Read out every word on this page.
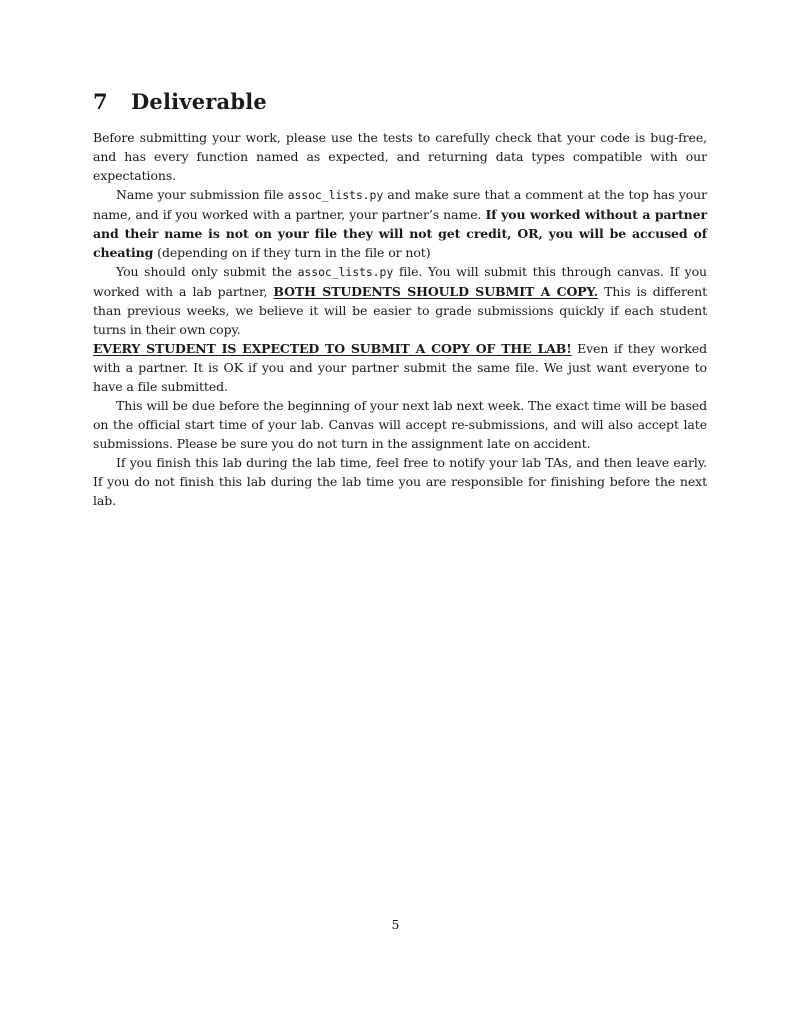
7 Deliverable

Before submitting your work, please use the tests to carefully check that your code is bug-free, and has every function named as expected, and returning data types compatible with our expectations.

Name your submission file assoc_lists.py and make sure that a comment at the top has your name, and if you worked with a partner, your partner’s name. If you worked without a partner and their name is not on your file they will not get credit, OR, you will be accused of cheating (depending on if they turn in the file or not)

You should only submit the assoc_lists.py file. You will submit this through canvas. If you worked with a lab partner, BOTH STUDENTS SHOULD SUBMIT A COPY. This is different than previous weeks, we believe it will be easier to grade submissions quickly if each student turns in their own copy.

EVERY STUDENT IS EXPECTED TO SUBMIT A COPY OF THE LAB! Even if they worked with a partner. It is OK if you and your partner submit the same file. We just want everyone to have a file submitted.

This will be due before the beginning of your next lab next week. The exact time will be based on the official start time of your lab. Canvas will accept re-submissions, and will also accept late submissions. Please be sure you do not turn in the assignment late on accident.

If you finish this lab during the lab time, feel free to notify your lab TAs, and then leave early. If you do not finish this lab during the lab time you are responsible for finishing before the next lab.

5
